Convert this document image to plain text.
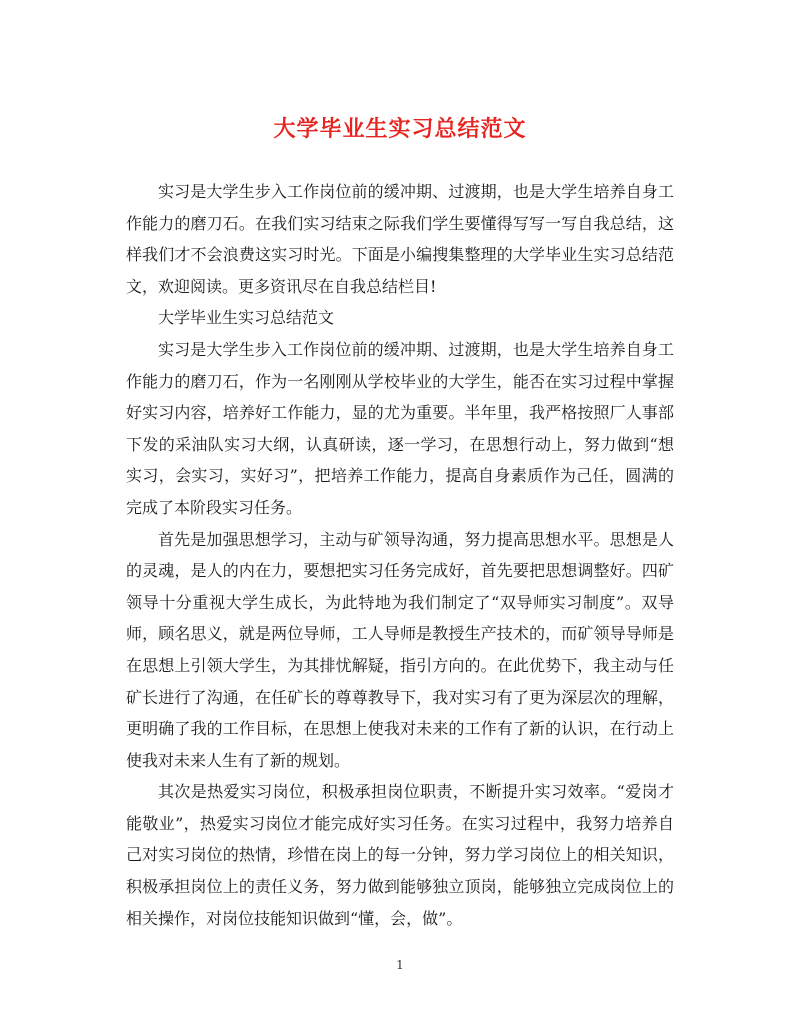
大学毕业生实习总结范文

实习是大学生步入工作岗位前的缓冲期、过渡期，也是大学生培养自身工作能力的磨刀石。在我们实习结束之际我们学生要懂得写写一写自我总结，这样我们才不会浪费这实习时光。下面是小编搜集整理的大学毕业生实习总结范文，欢迎阅读。更多资讯尽在自我总结栏目!

大学毕业生实习总结范文

实习是大学生步入工作岗位前的缓冲期、过渡期，也是大学生培养自身工作能力的磨刀石，作为一名刚刚从学校毕业的大学生，能否在实习过程中掌握好实习内容，培养好工作能力，显的尤为重要。半年里，我严格按照厂人事部下发的采油队实习大纲，认真研读，逐一学习，在思想行动上，努力做到“想实习，会实习，实好习”，把培养工作能力，提高自身素质作为己任，圆满的完成了本阶段实习任务。

首先是加强思想学习，主动与矿领导沟通，努力提高思想水平。思想是人的灵魂，是人的内在力，要想把实习任务完成好，首先要把思想调整好。四矿领导十分重视大学生成长，为此特地为我们制定了“双导师实习制度”。双导师，顾名思义，就是两位导师，工人导师是教授生产技术的，而矿领导导师是在思想上引领大学生，为其排忧解疑，指引方向的。在此优势下，我主动与任矿长进行了沟通，在任矿长的尊尊教导下，我对实习有了更为深层次的理解，更明确了我的工作目标，在思想上使我对未来的工作有了新的认识，在行动上使我对未来人生有了新的规划。

其次是热爱实习岗位，积极承担岗位职责，不断提升实习效率。“爱岗才能敬业”，热爱实习岗位才能完成好实习任务。在实习过程中，我努力培养自己对实习岗位的热情，珍惜在岗上的每一分钟，努力学习岗位上的相关知识，积极承担岗位上的责任义务，努力做到能够独立顶岗，能够独立完成岗位上的相关操作，对岗位技能知识做到“懂，会，做”。

1
